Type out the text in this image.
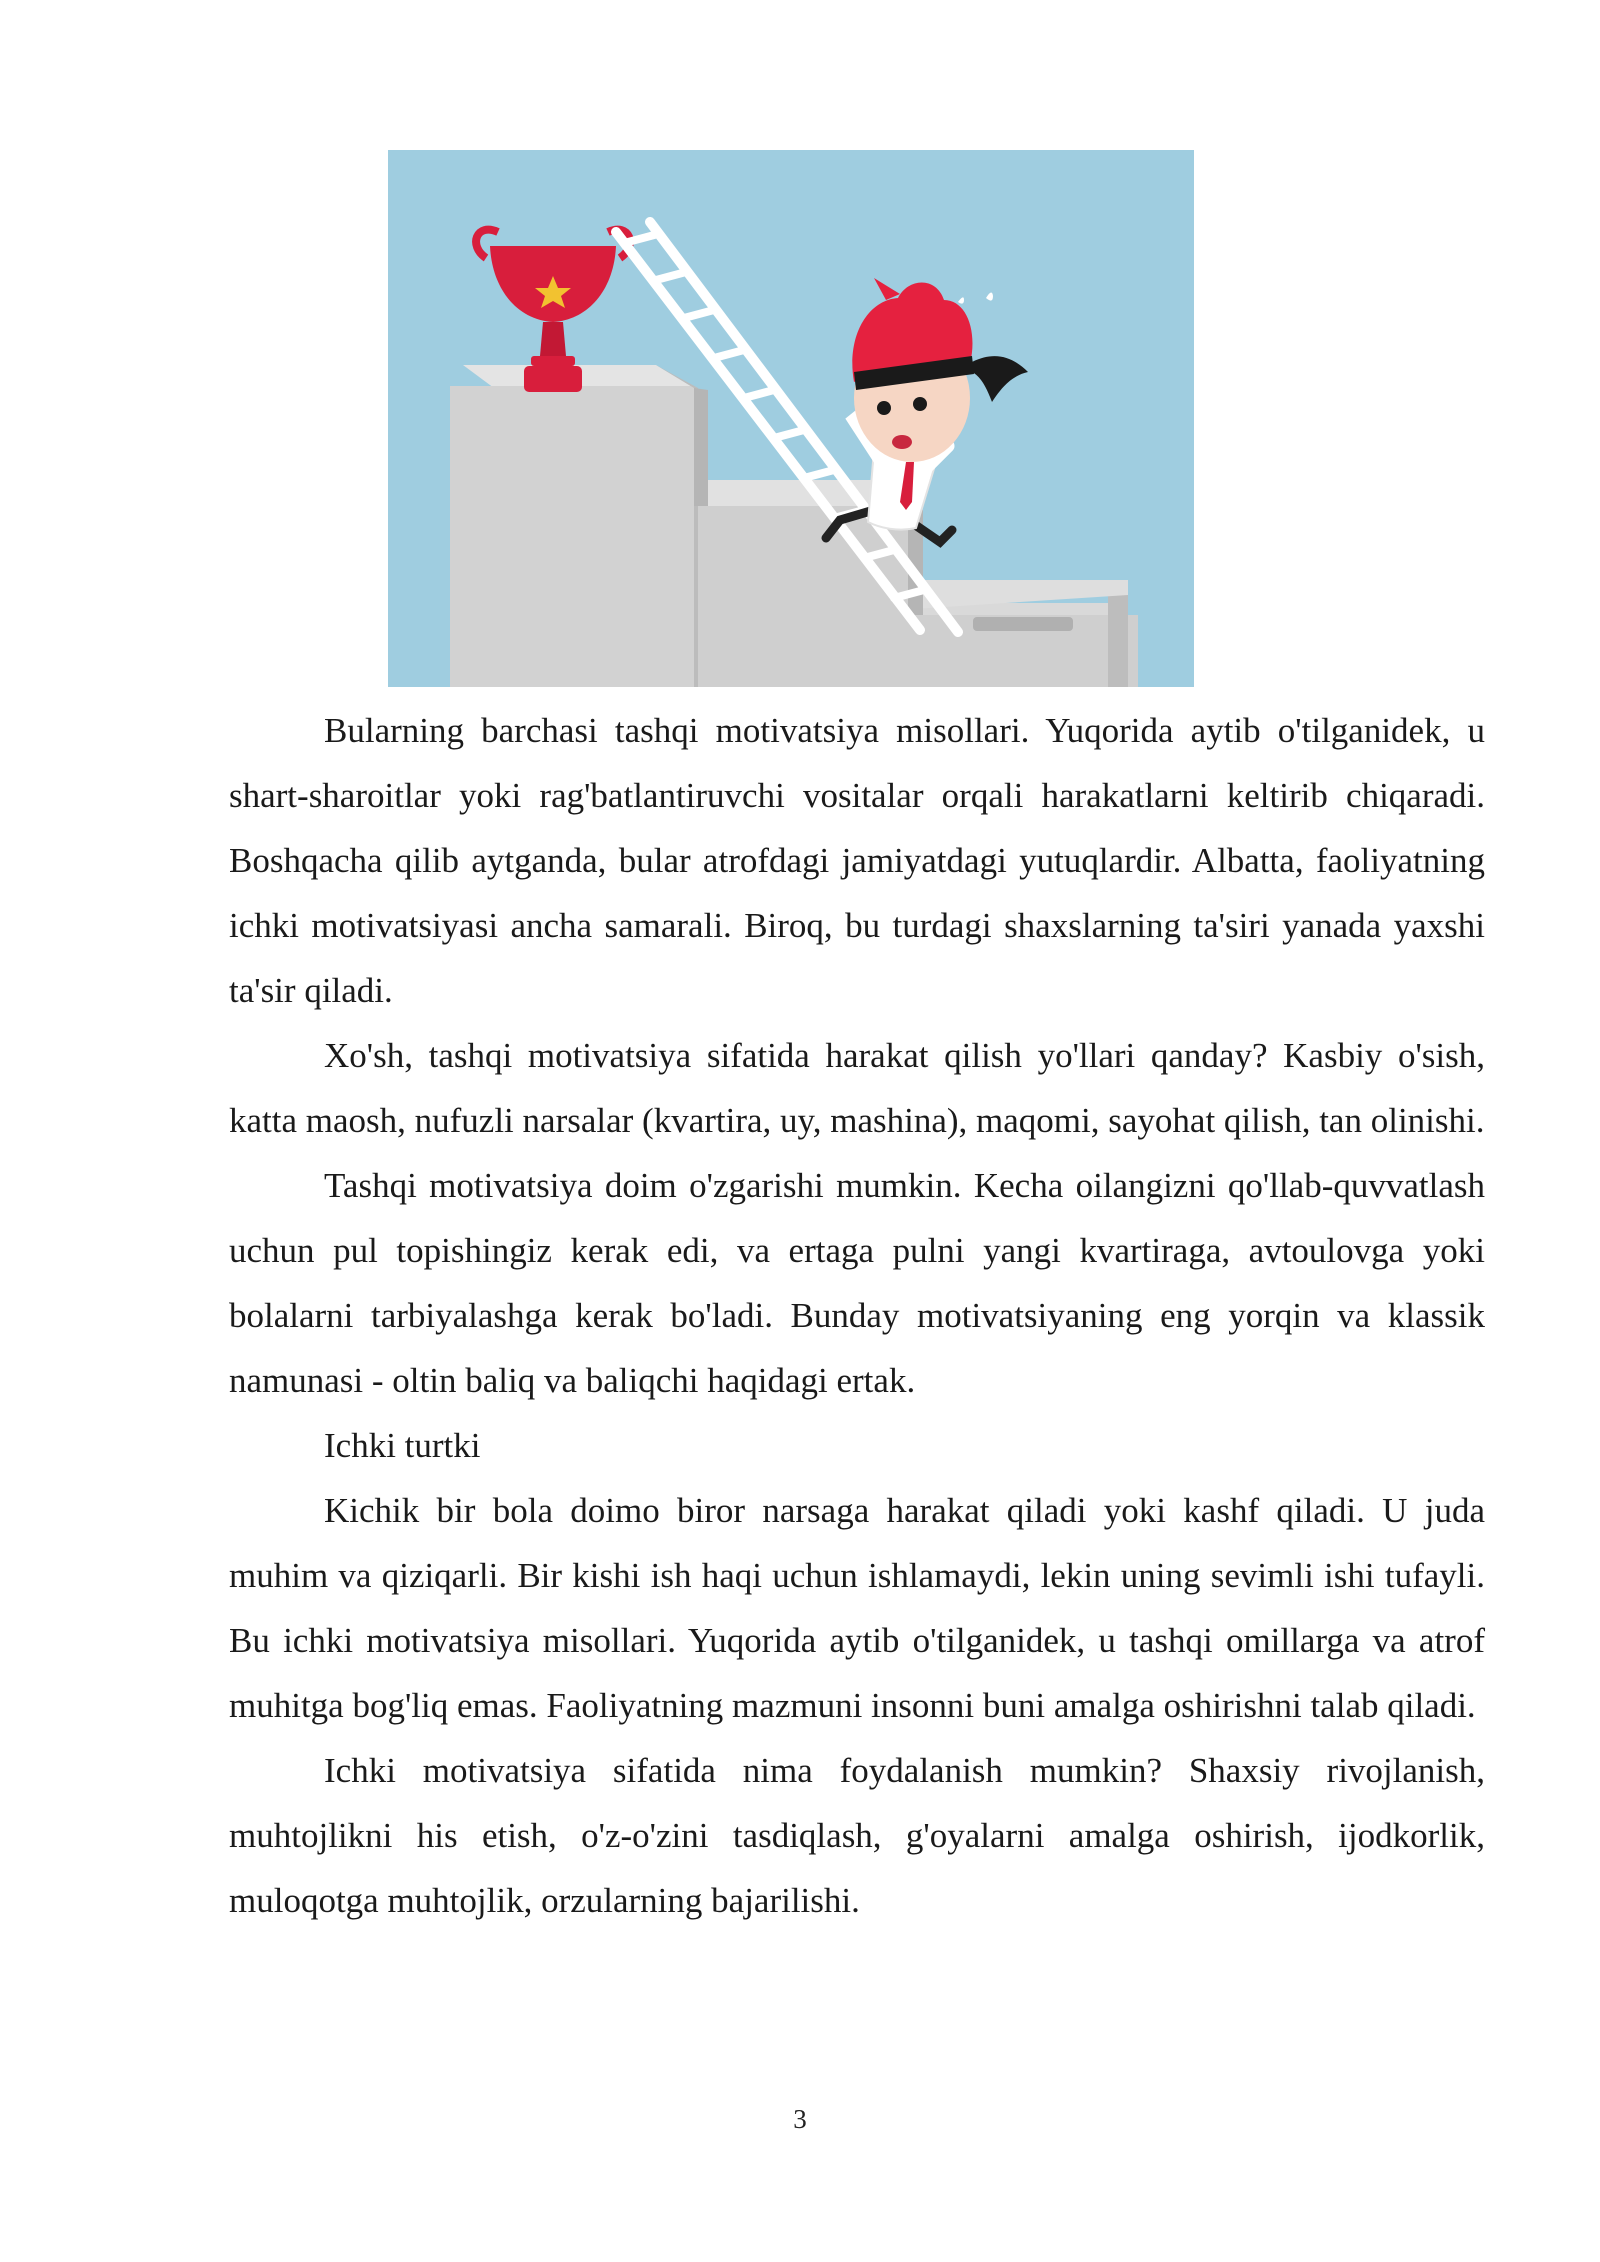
Bularning barchasi tashqi motivatsiya misollari. Yuqorida aytib o'tilganidek, u shart-sharoitlar yoki rag'batlantiruvchi vositalar orqali harakatlarni keltirib chiqaradi. Boshqacha qilib aytganda, bular atrofdagi jamiyatdagi yutuqlardir. Albatta, faoliyatning ichki motivatsiyasi ancha samarali. Biroq, bu turdagi shaxslarning ta'siri yanada yaxshi ta'sir qiladi.

Xo'sh, tashqi motivatsiya sifatida harakat qilish yo'llari qanday? Kasbiy o'sish, katta maosh, nufuzli narsalar (kvartira, uy, mashina), maqomi, sayohat qilish, tan olinishi.

Tashqi motivatsiya doim o'zgarishi mumkin. Kecha oilangizni qo'llab-quvvatlash uchun pul topishingiz kerak edi, va ertaga pulni yangi kvartiraga, avtoulovga yoki bolalarni tarbiyalashga kerak bo'ladi. Bunday motivatsiyaning eng yorqin va klassik namunasi - oltin baliq va baliqchi haqidagi ertak.

Ichki turtki

Kichik bir bola doimo biror narsaga harakat qiladi yoki kashf qiladi. U juda muhim va qiziqarli. Bir kishi ish haqi uchun ishlamaydi, lekin uning sevimli ishi tufayli. Bu ichki motivatsiya misollari. Yuqorida aytib o'tilganidek, u tashqi omillarga va atrof muhitga bog'liq emas. Faoliyatning mazmuni insonni buni amalga oshirishni talab qiladi.

Ichki motivatsiya sifatida nima foydalanish mumkin? Shaxsiy rivojlanish, muhtojlikni his etish, o'z-o'zini tasdiqlash, g'oyalarni amalga oshirish, ijodkorlik, muloqotga muhtojlik, orzularning bajarilishi.

3
